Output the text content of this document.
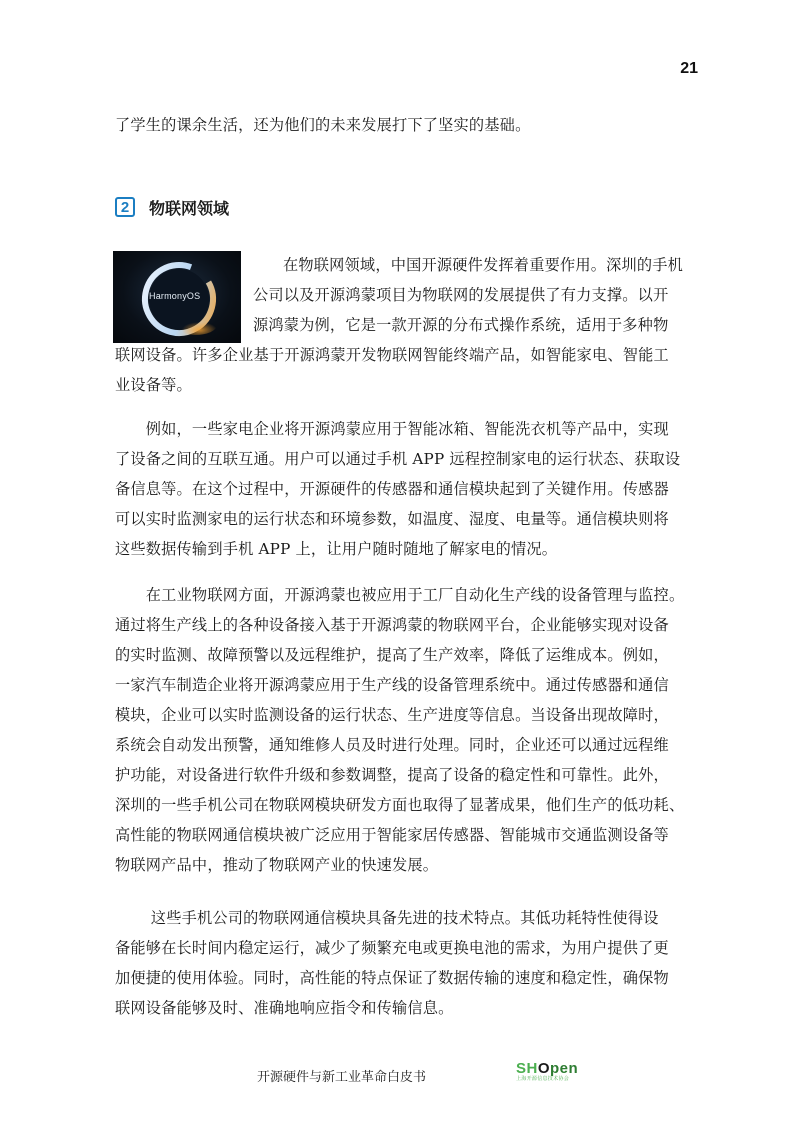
21

了学生的课余生活，还为他们的未来发展打下了坚实的基础。

2	物联网领域
HarmonyOS
在物联网领域，中国开源硬件发挥着重要作用。深圳的手机
公司以及开源鸿蒙项目为物联网的发展提供了有力支撑。以开
源鸿蒙为例，它是一款开源的分布式操作系统，适用于多种物
联网设备。许多企业基于开源鸿蒙开发物联网智能终端产品，如智能家电、智能工
业设备等。
　　例如，一些家电企业将开源鸿蒙应用于智能冰箱、智能洗衣机等产品中，实现
了设备之间的互联互通。用户可以通过手机 APP 远程控制家电的运行状态、获取设
备信息等。在这个过程中，开源硬件的传感器和通信模块起到了关键作用。传感器
可以实时监测家电的运行状态和环境参数，如温度、湿度、电量等。通信模块则将
这些数据传输到手机 APP 上，让用户随时随地了解家电的情况。
　　在工业物联网方面，开源鸿蒙也被应用于工厂自动化生产线的设备管理与监控。
通过将生产线上的各种设备接入基于开源鸿蒙的物联网平台，企业能够实现对设备
的实时监测、故障预警以及远程维护，提高了生产效率，降低了运维成本。例如，
一家汽车制造企业将开源鸿蒙应用于生产线的设备管理系统中。通过传感器和通信
模块，企业可以实时监测设备的运行状态、生产进度等信息。当设备出现故障时，
系统会自动发出预警，通知维修人员及时进行处理。同时，企业还可以通过远程维
护功能，对设备进行软件升级和参数调整，提高了设备的稳定性和可靠性。此外，
深圳的一些手机公司在物联网模块研发方面也取得了显著成果，他们生产的低功耗、
高性能的物联网通信模块被广泛应用于智能家居传感器、智能城市交通监测设备等
物联网产品中，推动了物联网产业的快速发展。
　　 这些手机公司的物联网通信模块具备先进的技术特点。其低功耗特性使得设
备能够在长时间内稳定运行，减少了频繁充电或更换电池的需求，为用户提供了更
加便捷的使用体验。同时，高性能的特点保证了数据传输的速度和稳定性，确保物
联网设备能够及时、准确地响应指令和传输信息。
开源硬件与新工业革命白皮书	SHOpen
上海开源信息技术协会
